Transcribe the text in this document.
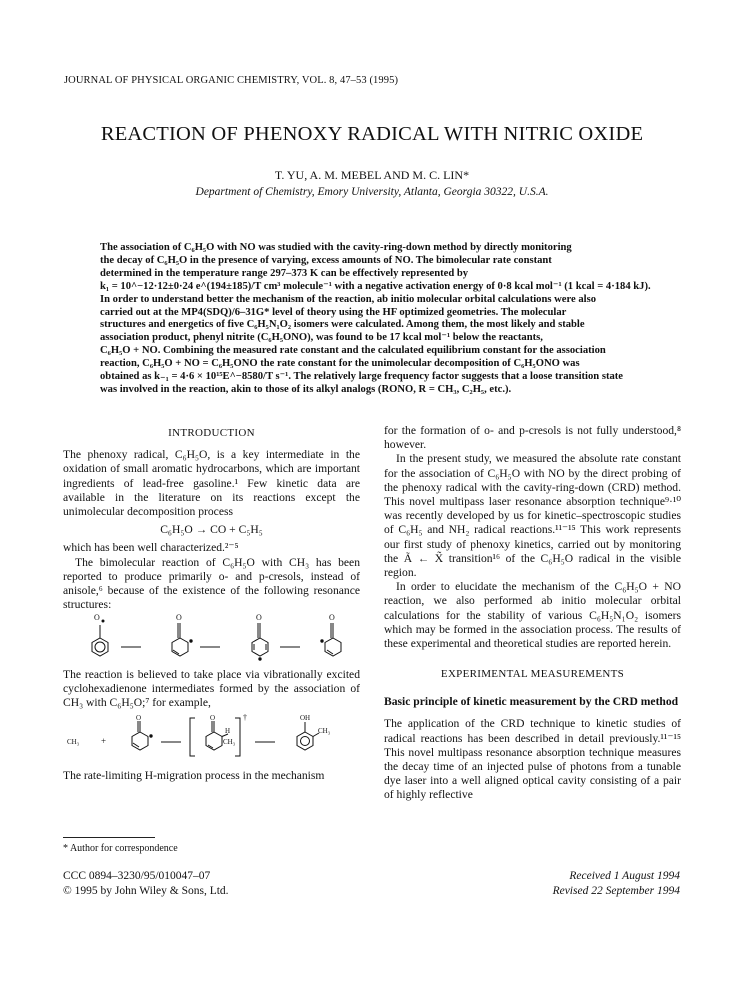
JOURNAL OF PHYSICAL ORGANIC CHEMISTRY, VOL. 8, 47–53 (1995)
REACTION OF PHENOXY RADICAL WITH NITRIC OXIDE
T. YU, A. M. MEBEL AND M. C. LIN*
Department of Chemistry, Emory University, Atlanta, Georgia 30322, U.S.A.

The association of C₆H₅O with NO was studied with the cavity-ring-down method by directly monitoring

the decay of C₆H₅O in the presence of varying, excess amounts of NO. The bimolecular rate constant

determined in the temperature range 297–373 K can be effectively represented by

k₁ = 10^−12·12±0·24 e^(194±185)/T cm³ molecule⁻¹ with a negative activation energy of 0·8 kcal mol⁻¹ (1 kcal = 4·184 kJ).

In order to understand better the mechanism of the reaction, ab initio molecular orbital calculations were also

carried out at the MP4(SDQ)/6–31G* level of theory using the HF optimized geometries. The molecular

structures and energetics of five C₆H₅N₁O₂ isomers were calculated. Among them, the most likely and stable

association product, phenyl nitrite (C₆H₅ONO), was found to be 17 kcal mol⁻¹ below the reactants,

C₆H₅O + NO. Combining the measured rate constant and the calculated equilibrium constant for the association

reaction, C₆H₅O + NO = C₆H₅ONO the rate constant for the unimolecular decomposition of C₆H₅ONO was

obtained as k₋₁ = 4·6 × 10¹⁵E^−8580/T s⁻¹. The relatively large frequency factor suggests that a loose transition state

was involved in the reaction, akin to those of its alkyl analogs (RONO, R = CH₃, C₂H₅, etc.).

INTRODUCTION

The phenoxy radical, C₆H₅O, is a key intermediate in the oxidation of small aromatic hydrocarbons, which are important ingredients of lead-free gasoline.¹ Few kinetic data are available in the literature on its reactions except the unimolecular decomposition process

C₆H₅O → CO + C₅H₅

which has been well characterized.²⁻⁵

The bimolecular reaction of C₆H₅O with CH₃ has been reported to produce primarily o- and p-cresols, instead of anisole,⁶ because of the existence of the following resonance structures:

O	O	O	O

The reaction is believed to take place via vibrationally excited cyclohexadienone intermediates formed by the association of CH₃ with C₆H₅O;⁷ for example,

CH₃ +
O	O
H
CH₃
†	OH
CH₃

The rate-limiting H-migration process in the mechanism

for the formation of o- and p-cresols is not fully understood,⁸ however.

In the present study, we measured the absolute rate constant for the association of C₆H₅O with NO by the direct probing of the phenoxy radical with the cavity-ring-down (CRD) method. This novel multipass laser resonance absorption technique⁹·¹⁰ was recently developed by us for kinetic–spectroscopic studies of C₆H₅ and NH₂ radical reactions.¹¹⁻¹⁵ This work represents our first study of phenoxy kinetics, carried out by monitoring the Ã ← X̃ transition¹⁶ of the C₆H₅O radical in the visible region.

In order to elucidate the mechanism of the C₆H₅O + NO reaction, we also performed ab initio molecular orbital calculations for the stability of various C₆H₅N₁O₂ isomers which may be formed in the association process. The results of these experimental and theoretical studies are reported herein.

EXPERIMENTAL MEASUREMENTS
Basic principle of kinetic measurement by the CRD method

The application of the CRD technique to kinetic studies of radical reactions has been described in detail previously.¹¹⁻¹⁵ This novel multipass resonance absorption technique measures the decay time of an injected pulse of photons from a tunable dye laser into a well aligned optical cavity consisting of a pair of highly reflective

* Author for correspondence
CCC 0894–3230/95/010047–07
© 1995 by John Wiley & Sons, Ltd.
Received 1 August 1994
Revised 22 September 1994
